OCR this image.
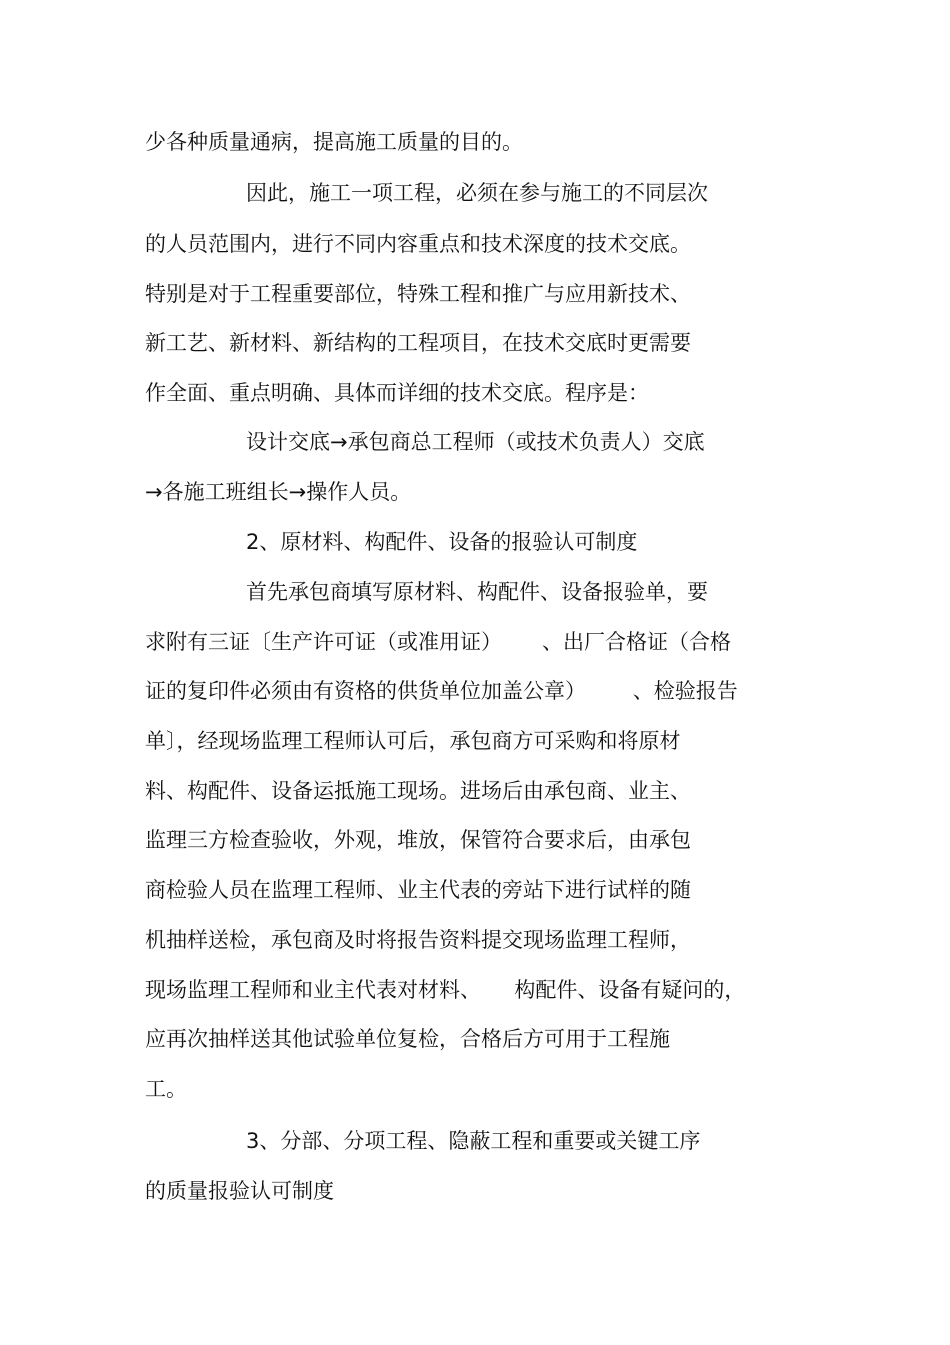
少各种质量通病，提高施工质量的目的。
因此，施工一项工程，必须在参与施工的不同层次
的人员范围内，进行不同内容重点和技术深度的技术交底。
特别是对于工程重要部位，特殊工程和推广与应用新技术、
新工艺、新材料、新结构的工程项目，在技术交底时更需要
作全面、重点明确、具体而详细的技术交底。程序是：
设计交底→承包商总工程师（或技术负责人）交底
→各施工班组长→操作人员。
2、原材料、构配件、设备的报验认可制度
首先承包商填写原材料、构配件、设备报验单，要
求附有三证〔生产许可证（或准用证）      、出厂合格证（合格
证的复印件必须由有资格的供货单位加盖公章）       、检验报告
单〕，经现场监理工程师认可后，承包商方可采购和将原材
料、构配件、设备运抵施工现场。进场后由承包商、业主、
监理三方检查验收，外观，堆放，保管符合要求后，由承包
商检验人员在监理工程师、业主代表的旁站下进行试样的随
机抽样送检，承包商及时将报告资料提交现场监理工程师，
现场监理工程师和业主代表对材料、     构配件、设备有疑问的，
应再次抽样送其他试验单位复检，合格后方可用于工程施
工。
3、分部、分项工程、隐蔽工程和重要或关键工序
的质量报验认可制度
